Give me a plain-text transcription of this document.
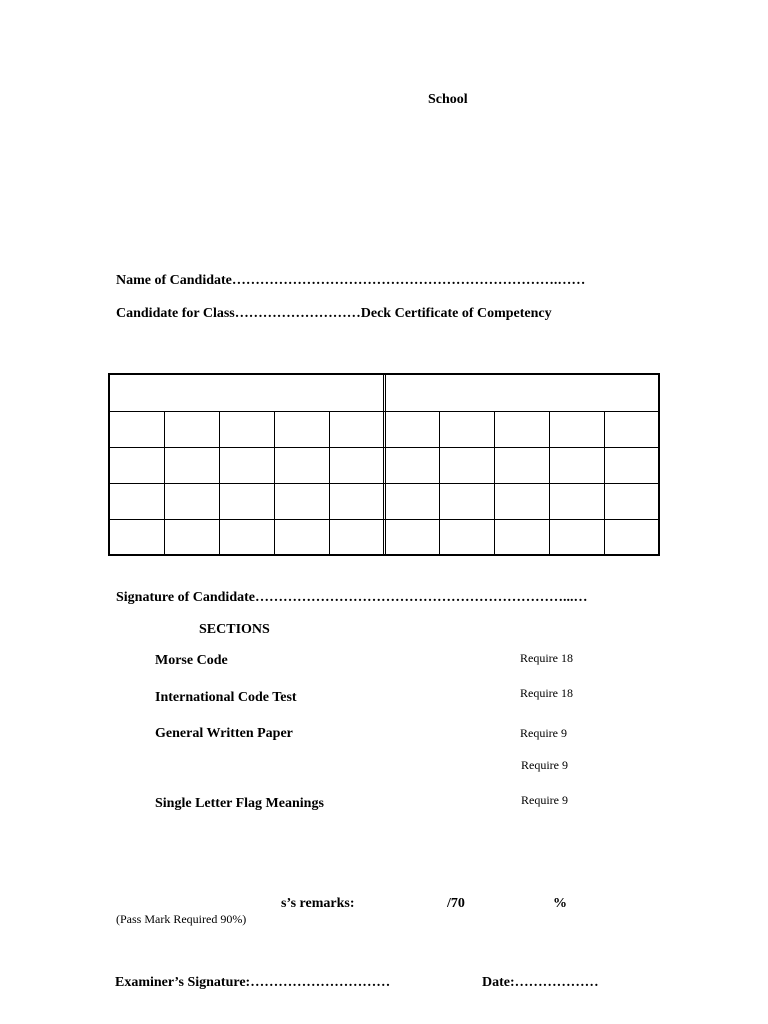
School
Name of Candidate…………………………………………………………….……
Candidate for Class………………………Deck Certificate of Competency
Signature of Candidate…………………………………………………………...…
SECTIONS
Morse Code	Require 18
International Code Test	Require 18
General Written Paper	Require 9
Require 9
Single Letter Flag Meanings	Require 9
s’s remarks:	/70	%
(Pass Mark Required 90%)
Examiner’s Signature:…………………………	Date:………………
